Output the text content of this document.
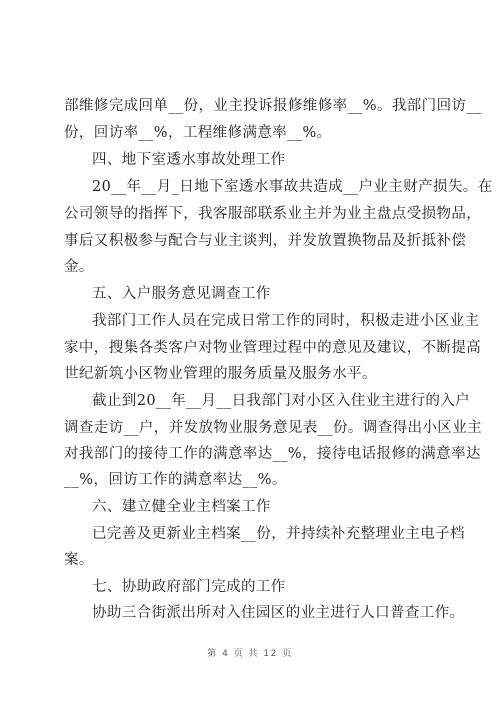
部维修完成回单__份，业主投诉报修维修率__%。我部门回访__
份，回访率__%，工程维修满意率__%。
四、地下室透水事故处理工作
20__年__月_日地下室透水事故共造成__户业主财产损失。在
公司领导的指挥下，我客服部联系业主并为业主盘点受损物品，
事后又积极参与配合与业主谈判，并发放置换物品及折抵补偿
金。
五、入户服务意见调查工作
我部门工作人员在完成日常工作的同时，积极走进小区业主
家中，搜集各类客户对物业管理过程中的意见及建议，不断提高
世纪新筑小区物业管理的服务质量及服务水平。
截止到20__年__月__日我部门对小区入住业主进行的入户
调查走访__户，并发放物业服务意见表__份。调查得出小区业主
对我部门的接待工作的满意率达__%，接待电话报修的满意率达
__%，回访工作的满意率达__%。
六、建立健全业主档案工作
已完善及更新业主档案__份，并持续补充整理业主电子档
案。
七、协助政府部门完成的工作
协助三合街派出所对入住园区的业主进行人口普查工作。
第 4 页 共 12 页
